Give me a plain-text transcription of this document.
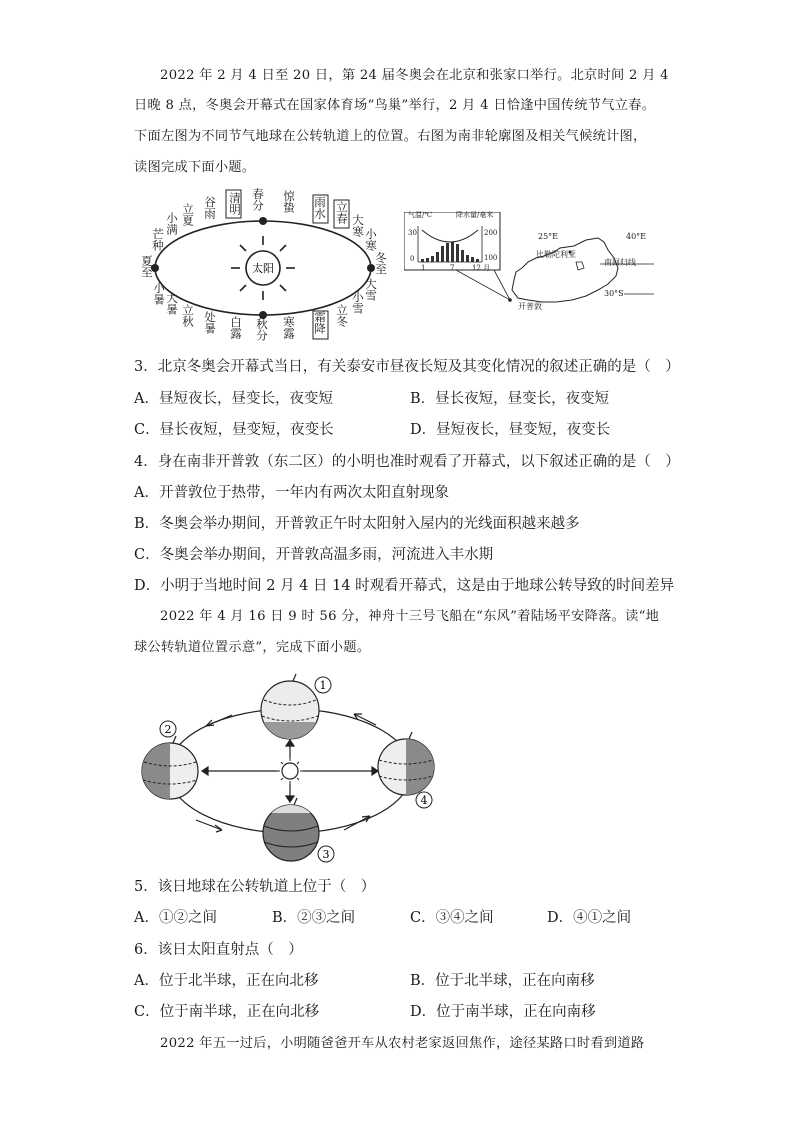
2022 年 2 月 4 日至 20 日，第 24 届冬奥会在北京和张家口举行。北京时间 2 月 4
日晚 8 点，冬奥会开幕式在国家体育场“鸟巢”举行，2 月 4 日恰逢中国传统节气立春。
下面左图为不同节气地球在公转轨道上的位置。右图为南非轮廓图及相关气候统计图，
读图完成下面小题。
太阳
春分 惊蛰 雨水 立春
大寒
小寒
冬至
大雪
小雪
立冬
霜降
寒露
秋分
白露
处暑
立秋
大暑
小暑
夏至
芒种
小满 立夏 谷雨 清明	气温/℃	降水量/毫米
30
0
200
100
1	7	12 月
25°E	40°E
比勒陀利亚
南回归线
30°S
开普敦
3．北京冬奥会开幕式当日，有关泰安市昼夜长短及其变化情况的叙述正确的是（　）
A．昼短夜长，昼变长，夜变短	B．昼长夜短，昼变长，夜变短
C．昼长夜短，昼变短，夜变长	D．昼短夜长，昼变短，夜变长
4．身在南非开普敦（东二区）的小明也准时观看了开幕式，以下叙述正确的是（　）
A．开普敦位于热带，一年内有两次太阳直射现象
B．冬奥会举办期间，开普敦正午时太阳射入屋内的光线面积越来越多
C．冬奥会举办期间，开普敦高温多雨，河流进入丰水期
D．小明于当地时间 2 月 4 日 14 时观看开幕式，这是由于地球公转导致的时间差异
2022 年 4 月 16 日 9 时 56 分，神舟十三号飞船在“东风”着陆场平安降落。读“地
球公转轨道位置示意”，完成下面小题。
1
2
3
4
5．该日地球在公转轨道上位于（　）
A．①②之间	B．②③之间	C．③④之间	D．④①之间
6．该日太阳直射点（　）
A．位于北半球，正在向北移	B．位于北半球，正在向南移
C．位于南半球，正在向北移	D．位于南半球，正在向南移
2022 年五一过后，小明随爸爸开车从农村老家返回焦作，途径某路口时看到道路
